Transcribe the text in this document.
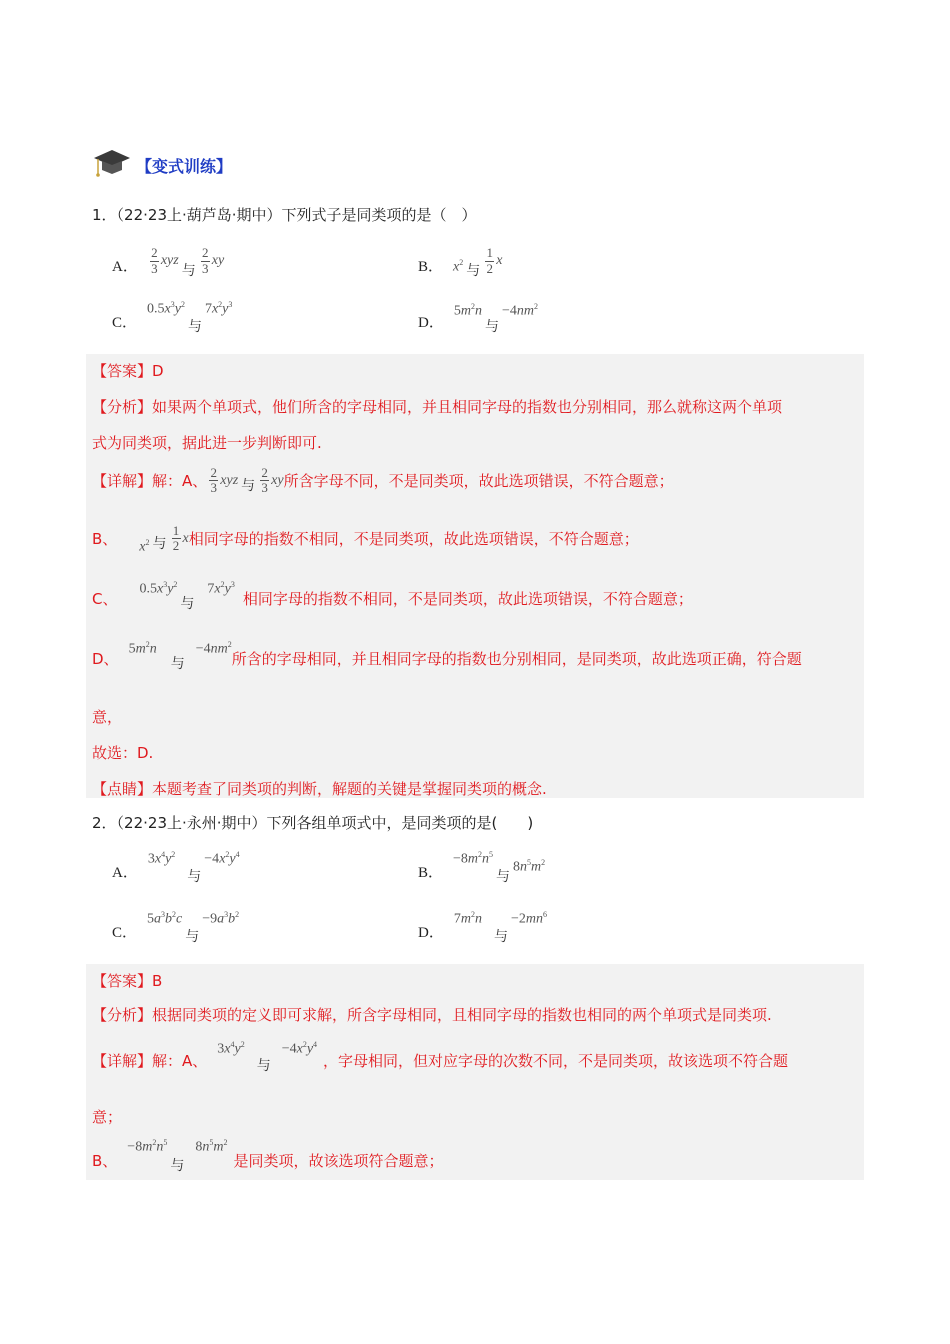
【变式训练】
1．（22·23上·葫芦岛·期中）下列式子是同类项的是（　）
A． $\frac{2}{3}$ xyz
与 $\frac{2}{3}$ xy	B． $x^2$
与 $\frac{1}{2}$ x
C．
$0.5x^3y^2$
与
$7x^2y^3$
D．
$5m^2n$
与
$-4nm^2$
【答案】D
【分析】如果两个单项式，他们所含的字母相同，并且相同字母的指数也分别相同，那么就称这两个单项
式为同类项，据此进一步判断即可.
【详解】解：A、 $\frac{2}{3}$ xyz 与 $\frac{2}{3}$ xy 所含字母不同，不是同类项，故此选项错误，不符合题意；
B、 $x^2$ 与 $\frac{1}{2}$ x 相同字母的指数不相同，不是同类项，故此选项错误，不符合题意；
C、
$0.5x^3y^2$
与
$7x^2y^3$
相同字母的指数不相同，不是同类项，故此选项错误，不符合题意；
D、
$5m^2n$
与
$-4nm^2$
所含的字母相同，并且相同字母的指数也分别相同，是同类项，故此选项正确，符合题
意，
故选：D.
【点睛】本题考查了同类项的判断，解题的关键是掌握同类项的概念.
2．（22·23上·永州·期中）下列各组单项式中，是同类项的是(　　)
A．
$3x^4y^2$
与
$-4x^2y^4$
B．
$-8m^2n^5$
与
$8n^5m^2$
C．
$5a^3b^2c$
与
$-9a^3b^2$
D．
$7m^2n$
与
$-2mn^6$
【答案】B
【分析】根据同类项的定义即可求解，所含字母相同，且相同字母的指数也相同的两个单项式是同类项.
【详解】解：A、
$3x^4y^2$
与
$-4x^2y^4$
，字母相同，但对应字母的次数不同，不是同类项，故该选项不符合题
意；
B、
$-8m^2n^5$
与
$8n^5m^2$
是同类项，故该选项符合题意；
